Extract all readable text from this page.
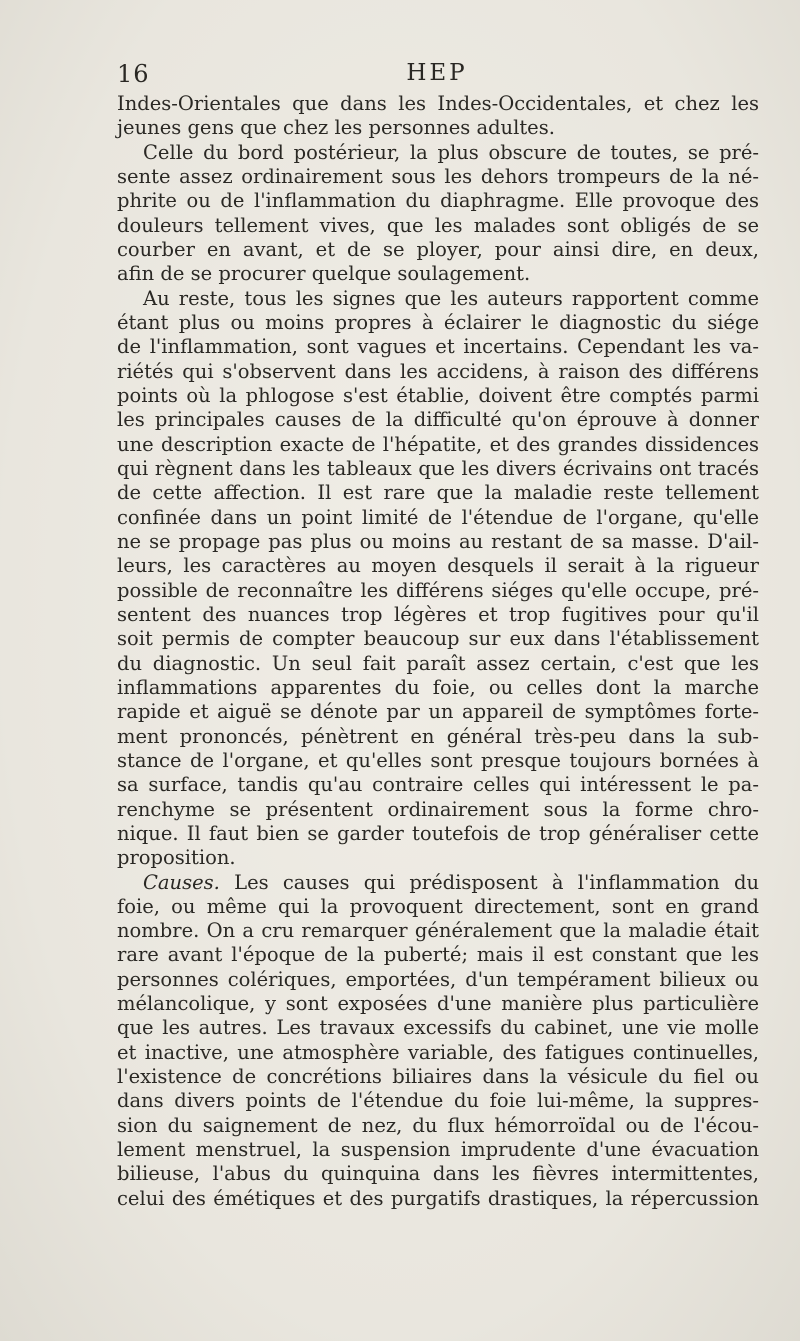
16	HEP
Indes-Orientales que dans les Indes-Occidentales, et chez les
jeunes gens que chez les personnes adultes.
Celle du bord postérieur, la plus obscure de toutes, se pré-
sente assez ordinairement sous les dehors trompeurs de la né-
phrite ou de l'inflammation du diaphragme. Elle provoque des
douleurs tellement vives, que les malades sont obligés de se
courber en avant, et de se ployer, pour ainsi dire, en deux,
afin de se procurer quelque soulagement.
Au reste, tous les signes que les auteurs rapportent comme
étant plus ou moins propres à éclairer le diagnostic du siége
de l'inflammation, sont vagues et incertains. Cependant les va-
riétés qui s'observent dans les accidens, à raison des différens
points où la phlogose s'est établie, doivent être comptés parmi
les principales causes de la difficulté qu'on éprouve à donner
une description exacte de l'hépatite, et des grandes dissidences
qui règnent dans les tableaux que les divers écrivains ont tracés
de cette affection. Il est rare que la maladie reste tellement
confinée dans un point limité de l'étendue de l'organe, qu'elle
ne se propage pas plus ou moins au restant de sa masse. D'ail-
leurs, les caractères au moyen desquels il serait à la rigueur
possible de reconnaître les différens siéges qu'elle occupe, pré-
sentent des nuances trop légères et trop fugitives pour qu'il
soit permis de compter beaucoup sur eux dans l'établissement
du diagnostic. Un seul fait paraît assez certain, c'est que les
inflammations apparentes du foie, ou celles dont la marche
rapide et aiguë se dénote par un appareil de symptômes forte-
ment prononcés, pénètrent en général très-peu dans la sub-
stance de l'organe, et qu'elles sont presque toujours bornées à
sa surface, tandis qu'au contraire celles qui intéressent le pa-
renchyme se présentent ordinairement sous la forme chro-
nique. Il faut bien se garder toutefois de trop généraliser cette
proposition.
Causes. Les causes qui prédisposent à l'inflammation du
foie, ou même qui la provoquent directement, sont en grand
nombre. On a cru remarquer généralement que la maladie était
rare avant l'époque de la puberté; mais il est constant que les
personnes colériques, emportées, d'un tempérament bilieux ou
mélancolique, y sont exposées d'une manière plus particulière
que les autres. Les travaux excessifs du cabinet, une vie molle
et inactive, une atmosphère variable, des fatigues continuelles,
l'existence de concrétions biliaires dans la vésicule du fiel ou
dans divers points de l'étendue du foie lui-même, la suppres-
sion du saignement de nez, du flux hémorroïdal ou de l'écou-
lement menstruel, la suspension imprudente d'une évacuation
bilieuse, l'abus du quinquina dans les fièvres intermittentes,
celui des émétiques et des purgatifs drastiques, la répercussion
